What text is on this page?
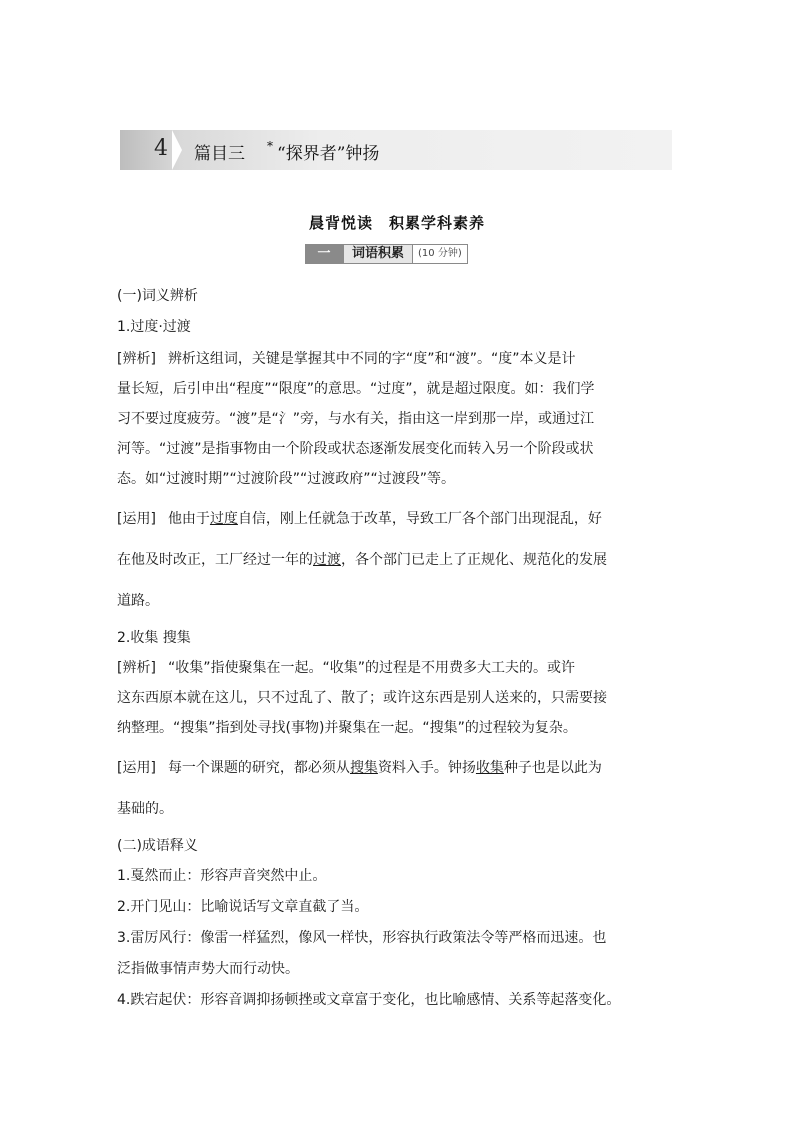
4 篇目三 * “探界者”钟扬
晨背悦读　积累学科素养
一	词语积累	(10 分钟)
(一)词义辨析
1.过度·过渡
[辨析] 辨析这组词，关键是掌握其中不同的字“度”和“渡”。“度”本义是计
量长短，后引申出“程度”“限度”的意思。“过度”，就是超过限度。如：我们学
习不要过度疲劳。“渡”是“氵”旁，与水有关，指由这一岸到那一岸，或通过江
河等。“过渡”是指事物由一个阶段或状态逐渐发展变化而转入另一个阶段或状
态。如“过渡时期”“过渡阶段”“过渡政府”“过渡段”等。
[运用] 他由于过度自信，刚上任就急于改革，导致工厂各个部门出现混乱，好
在他及时改正，工厂经过一年的过渡，各个部门已走上了正规化、规范化的发展
道路。
2.收集 搜集
[辨析] “收集”指使聚集在一起。“收集”的过程是不用费多大工夫的。或许
这东西原本就在这儿，只不过乱了、散了；或许这东西是别人送来的，只需要接
纳整理。“搜集”指到处寻找(事物)并聚集在一起。“搜集”的过程较为复杂。
[运用] 每一个课题的研究，都必须从搜集资料入手。钟扬收集种子也是以此为
基础的。
(二)成语释义
1.戛然而止：形容声音突然中止。
2.开门见山：比喻说话写文章直截了当。
3.雷厉风行：像雷一样猛烈，像风一样快，形容执行政策法令等严格而迅速。也
泛指做事情声势大而行动快。
4.跌宕起伏：形容音调抑扬顿挫或文章富于变化，也比喻感情、关系等起落变化。
